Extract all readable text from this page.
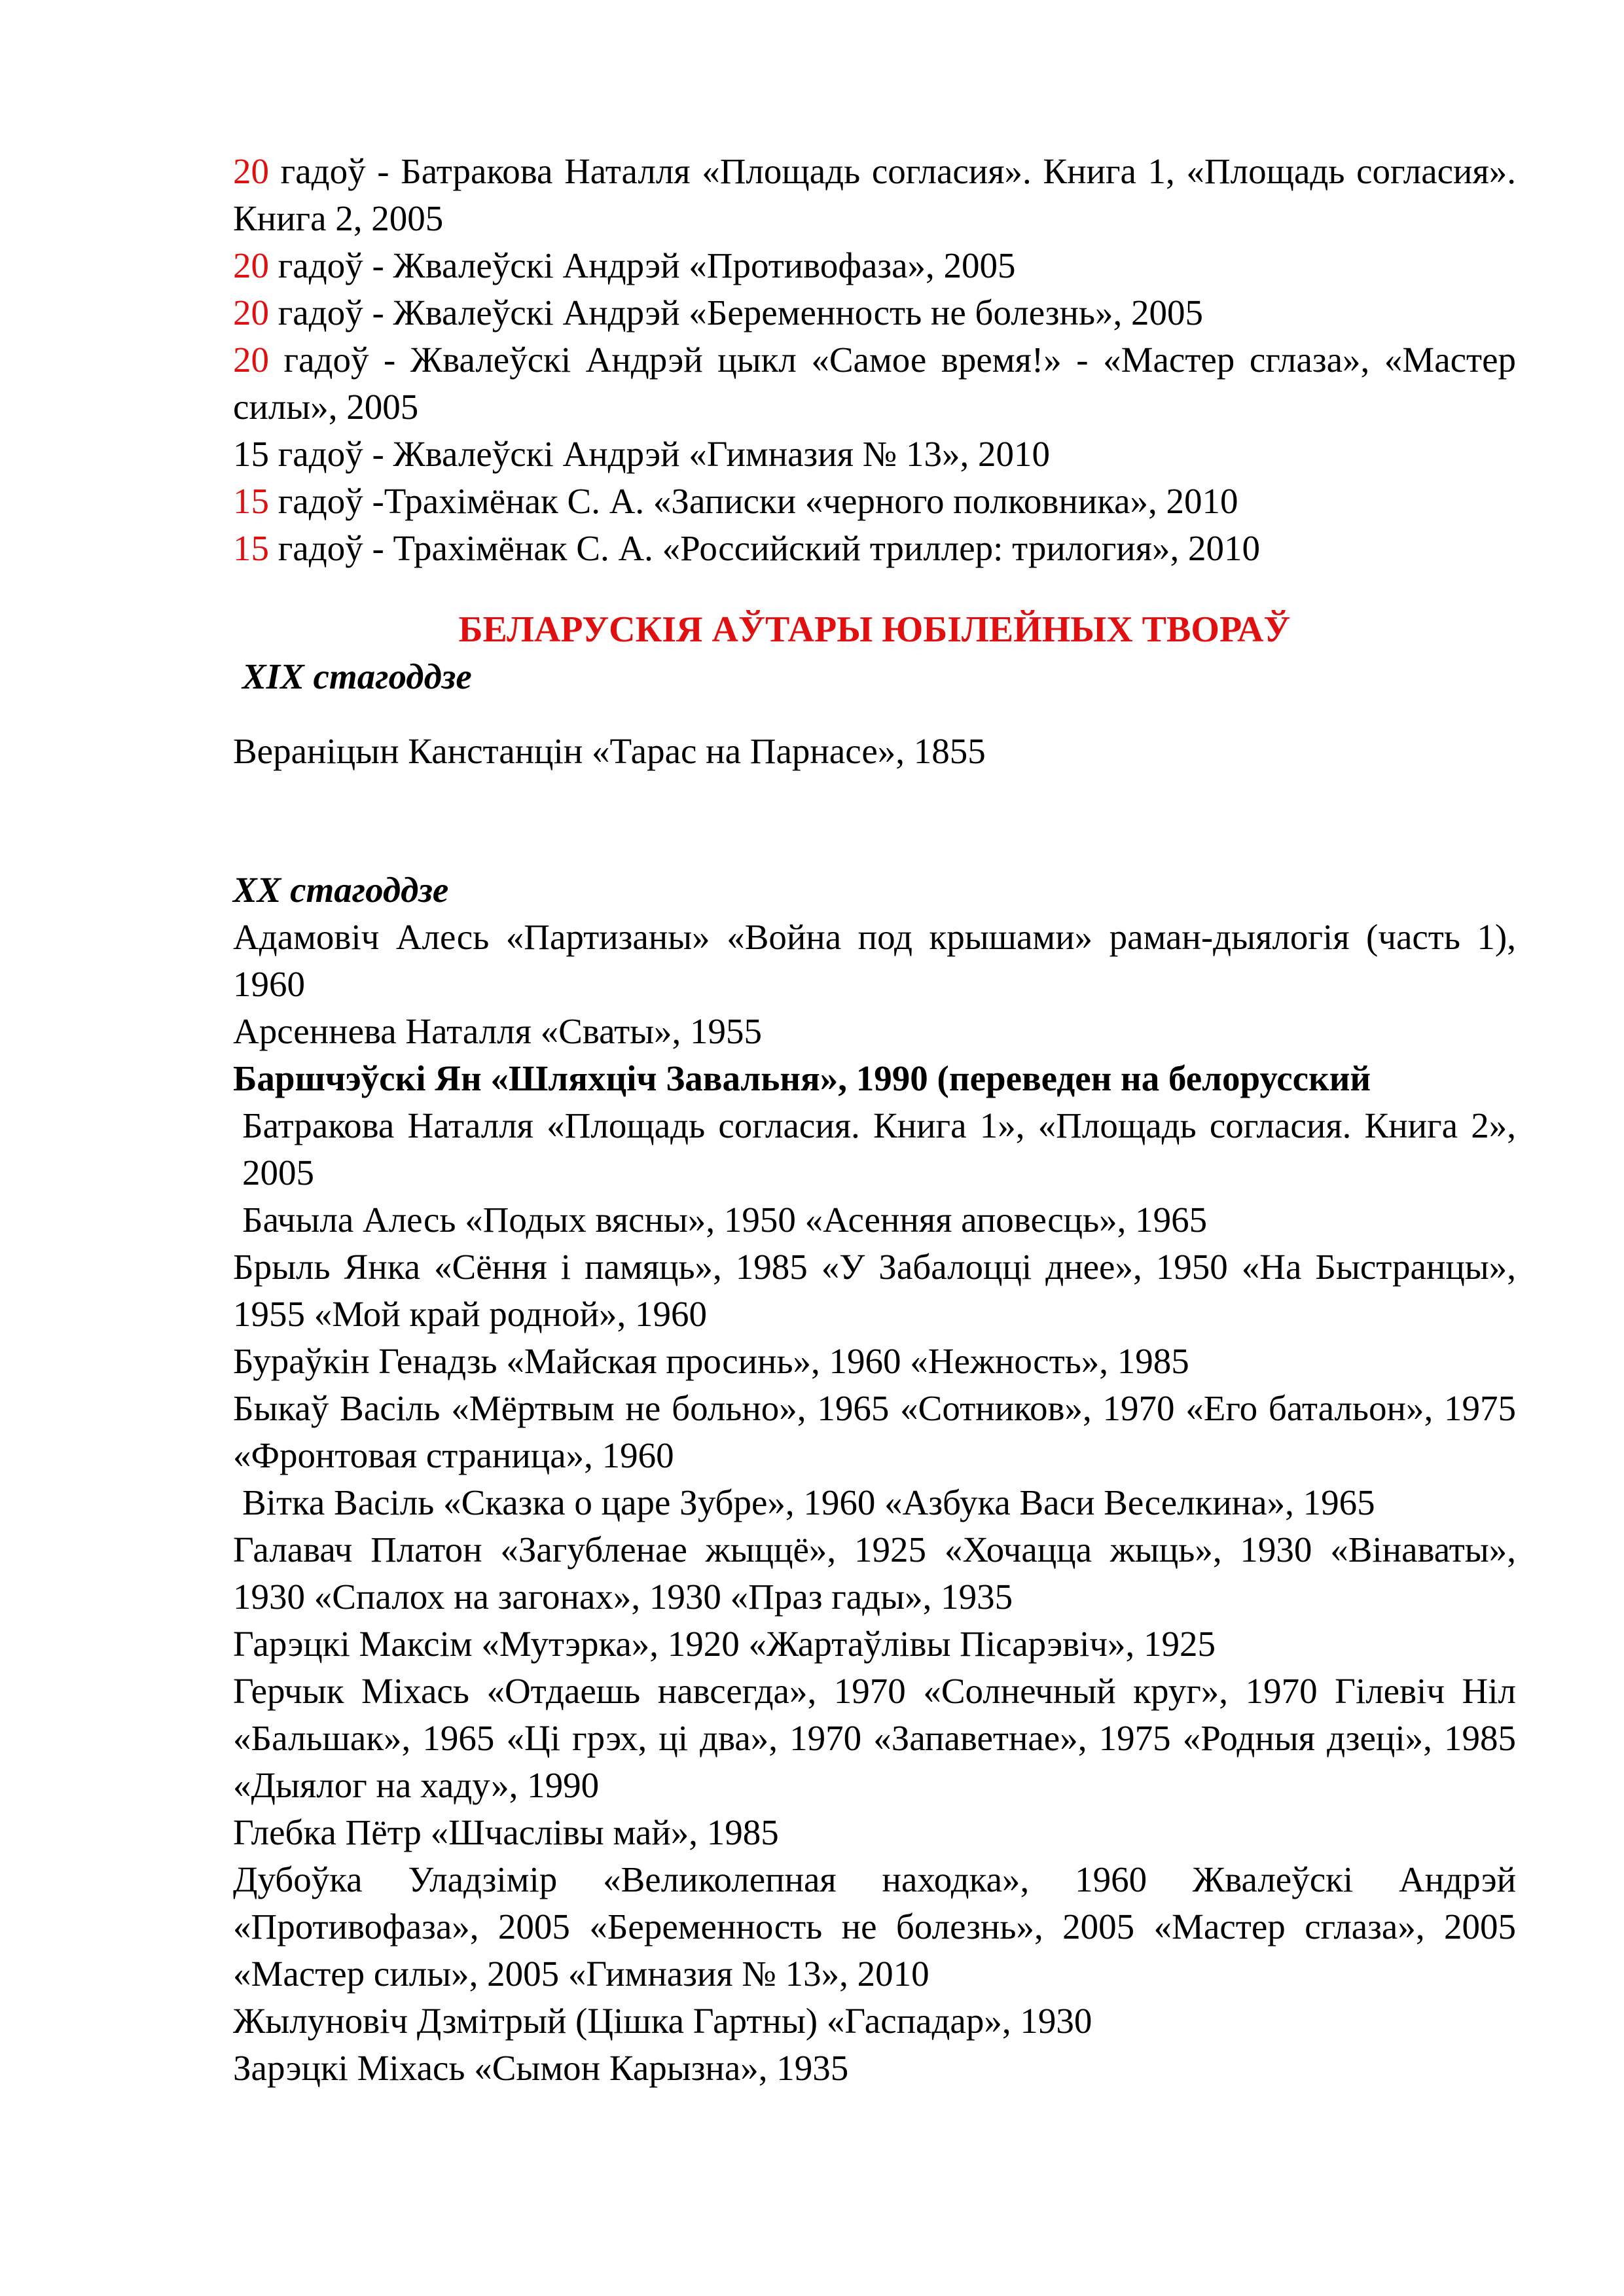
20 гадоў - Батракова Наталля «Площадь согласия». Книга 1, «Площадь согласия». Книга 2, 2005

20 гадоў - Жвалеўскі Андрэй «Противофаза», 2005

20 гадоў - Жвалеўскі Андрэй «Беременность не болезнь», 2005

20 гадоў - Жвалеўскі Андрэй цыкл «Самое время!» - «Мастер сглаза», «Мастер силы», 2005

15 гадоў - Жвалеўскі Андрэй «Гимназия № 13», 2010

15 гадоў -Трахімёнак С. А. «Записки «черного полковника», 2010

15 гадоў - Трахімёнак С. А. «Российский триллер: трилогия», 2010

БЕЛАРУСКІЯ АЎТАРЫ ЮБІЛЕЙНЫХ ТВОРАЎ

XIX стагоддзе

Вераніцын Канстанцін «Тарас на Парнасе», 1855

XX стагоддзе

Адамовіч Алесь «Партизаны» «Война под крышами» раман-дыялогія (часть 1), 1960

Арсеннева Наталля «Сваты», 1955

Баршчэўскі Ян «Шляхціч Завальня», 1990 (переведен на белорусский

Батракова Наталля «Площадь согласия. Книга 1», «Площадь согласия. Книга 2», 2005

Бачыла Алесь «Подых вясны», 1950 «Асенняя аповесць», 1965

Брыль Янка «Сёння і памяць», 1985 «У Забалоцці днее», 1950 «На Быстранцы», 1955 «Мой край родной», 1960

Бураўкін Генадзь «Майская просинь», 1960 «Нежность», 1985

Быкаў Васіль «Мёртвым не больно», 1965 «Сотников», 1970 «Его батальон», 1975 «Фронтовая страница», 1960

Вітка Васіль «Сказка о царе Зубре», 1960 «Азбука Васи Веселкина», 1965

Галавач Платон «Загубленае жыццё», 1925 «Хочацца жыць», 1930 «Вінаваты», 1930 «Спалох на загонах», 1930 «Праз гады», 1935

Гарэцкі Максім «Мутэрка», 1920 «Жартаўлівы Пісарэвіч», 1925

Герчык Міхась «Отдаешь навсегда», 1970 «Солнечный круг», 1970 Гілевіч Ніл «Бальшак», 1965 «Ці грэх, ці два», 1970 «Запаветнае», 1975 «Родныя дзеці», 1985 «Дыялог на хаду», 1990

Глебка Пётр «Шчаслівы май», 1985

Дубоўка Уладзімір «Великолепная находка», 1960 Жвалеўскі Андрэй «Противофаза», 2005 «Беременность не болезнь», 2005 «Мастер сглаза», 2005 «Мастер силы», 2005 «Гимназия № 13», 2010

Жылуновіч Дзмітрый (Цішка Гартны) «Гаспадар», 1930

Зарэцкі Міхась «Сымон Карызна», 1935
